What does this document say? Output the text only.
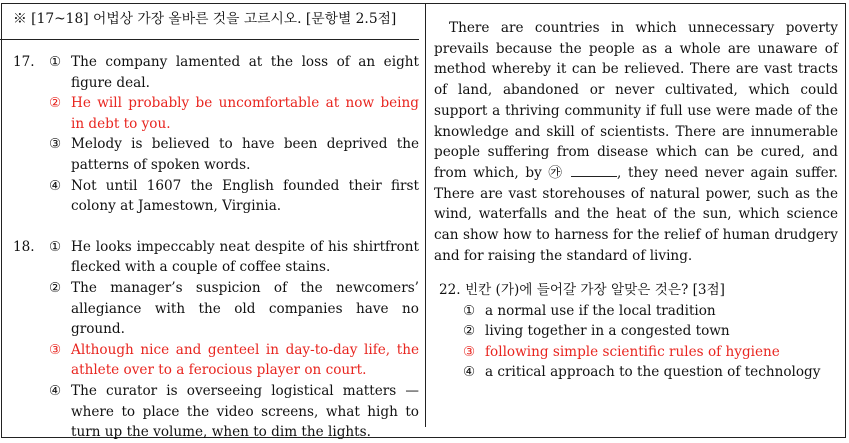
※ [17~18] 어법상 가장 올바른 것을 고르시오. [문항별 2.5점]
17.	① The company lamented at the loss of an eight figure deal.
② He will probably be uncomfortable at now being in debt to you.
③ Melody is believed to have been deprived the patterns of spoken words.
④ Not until 1607 the English founded their first colony at Jamestown, Virginia.
18.	① He looks impeccably neat despite of his shirtfront flecked with a couple of coffee stains.
② The manager’s suspicion of the newcomers’ allegiance with the old companies have no ground.
③ Although nice and genteel in day-to-day life, the athlete over to a ferocious player on court.
④ The curator is overseeing logistical matters — where to place the video screens, what high to turn up the volume, when to dim the lights.

There are countries in which unnecessary poverty prevails because the people as a whole are unaware of method whereby it can be relieved. There are vast tracts of land, abandoned or never cultivated, which could support a thriving community if full use were made of the knowledge and skill of scientists. There are innumerable people suffering from disease which can be cured, and from which, by ㉮	, they need never again suffer. There are vast storehouses of natural power, such as the wind, waterfalls and the heat of the sun, which science can show how to harness for the relief of human drudgery and for raising the standard of living.

22. 빈칸 (가)에 들어갈 가장 알맞은 것은? [3점]
① a normal use if the local tradition
② living together in a congested town
③ following simple scientific rules of hygiene
④ a critical approach to the question of technology
